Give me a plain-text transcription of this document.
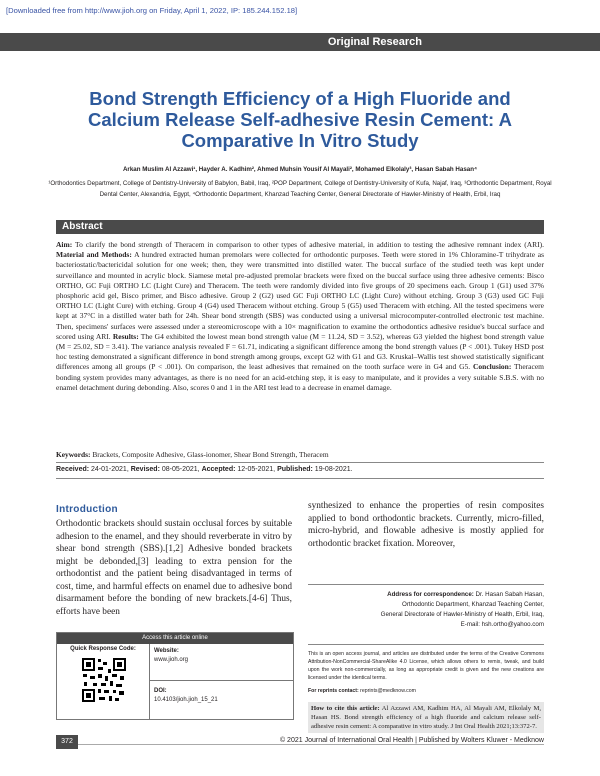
[Downloaded free from http://www.jioh.org on Friday, April 1, 2022, IP: 185.244.152.18]
Original Research
Bond Strength Efficiency of a High Fluoride and Calcium Release Self-adhesive Resin Cement: A Comparative In Vitro Study
Arkan Muslim Al Azzawi¹, Hayder A. Kadhim², Ahmed Muhsin Yousif Al Mayali², Mohamed Elkolaly³, Hasan Sabah Hasan⁴
¹Orthodontics Department, College of Dentistry-University of Babylon, Babil, Iraq, ²POP Department, College of Dentistry-University of Kufa, Najaf, Iraq, ³Orthodontic Department, Royal Dental Center, Alexandria, Egypt, ⁴Orthodontic Department, Khanzad Teaching Center, General Directorate of Hawler-Ministry of Health, Erbil, Iraq
Abstract
Aim: To clarify the bond strength of Theracem in comparison to other types of adhesive material, in addition to testing the adhesive remnant index (ARI). Material and Methods: A hundred extracted human premolars were collected for orthodontic purposes. Teeth were stored in 1% Chloramine-T trihydrate as bacteriostatic/bactericidal solution for one week; then, they were transmitted into distilled water. The buccal surface of the studied teeth was kept under surveillance and mounted in acrylic block. Siamese metal pre-adjusted premolar brackets were fixed on the buccal surface using three adhesive cements: Bisco ORTHO, GC Fuji ORTHO LC (Light Cure) and Theracem. The teeth were randomly divided into five groups of 20 specimens each. Group 1 (G1) used 37% phosphoric acid gel, Bisco primer, and Bisco adhesive. Group 2 (G2) used GC Fuji ORTHO LC (Light Cure) without etching. Group 3 (G3) used GC Fuji ORTHO LC (Light Cure) with etching. Group 4 (G4) used Theracem without etching. Group 5 (G5) used Theracem with etching. All the tested specimens were kept at 37°C in a distilled water bath for 24h. Shear bond strength (SBS) was conducted using a universal microcomputer-controlled electronic test machine. Then, specimens' surfaces were assessed under a stereomicroscope with a 10× magnification to examine the orthodontics adhesive residue's buccal surface and scored using ARI. Results: The G4 exhibited the lowest mean bond strength value (M = 11.24, SD = 3.52), whereas G3 yielded the highest bond strength value (M = 25.02, SD = 3.41). The variance analysis revealed F = 61.71, indicating a significant difference among the bond strength values (P < .001). Tukey HSD post hoc testing demonstrated a significant difference in bond strength among groups, except G2 with G1 and G3. Kruskal–Wallis test showed statistically significant differences among all groups (P < .001). On comparison, the least adhesives that remained on the tooth surface were in G4 and G5. Conclusion: Theracem bonding system provides many advantages, as there is no need for an acid-etching step, it is easy to manipulate, and it provides a very suitable S.B.S. with no enamel detachment during debonding. Also, scores 0 and 1 in the ARI test lead to a decrease in enamel damage.
Keywords: Brackets, Composite Adhesive, Glass-ionomer, Shear Bond Strength, Theracem
Received: 24-01-2021, Revised: 08-05-2021, Accepted: 12-05-2021, Published: 19-08-2021.
Introduction
Orthodontic brackets should sustain occlusal forces by suitable adhesion to the enamel, and they should reverberate in vitro by shear bond strength (SBS).[1,2] Adhesive bonded brackets might be debonded,[3] leading to extra pension for the orthodontist and the patient being disadvantaged in terms of cost, time, and harmful effects on enamel due to adhesive bond disarmament before the bonding of new brackets.[4-6] Thus, efforts have been
synthesized to enhance the properties of resin composites applied to bond orthodontic brackets. Currently, micro-filled, micro-hybrid, and flowable adhesive is mostly applied for orthodontic bracket fixation. Moreover,
Access this article online
Quick Response Code:	Website:
www.jioh.org
DOI:
10.4103/jioh.jioh_15_21
Address for correspondence: Dr. Hasan Sabah Hasan,
Orthodontic Department, Khanzad Teaching Center,
General Directorate of Hawler-Ministry of Health, Erbil, Iraq,
E-mail: hsh.ortho@yahoo.com
This is an open access journal, and articles are distributed under the terms of the Creative Commons Attribution-NonCommercial-ShareAlike 4.0 License, which allows others to remix, tweak, and build upon the work non-commercially, as long as appropriate credit is given and the new creations are licensed under the identical terms.
For reprints contact: reprints@medknow.com
How to cite this article: Al Azzawi AM, Kadhim HA, Al Mayali AM, Elkolaly M, Hasan HS. Bond strength efficiency of a high fluoride and calcium release self-adhesive resin cement: A comparative in vitro study. J Int Oral Health 2021;13:372-7.
372	© 2021 Journal of International Oral Health | Published by Wolters Kluwer - Medknow
